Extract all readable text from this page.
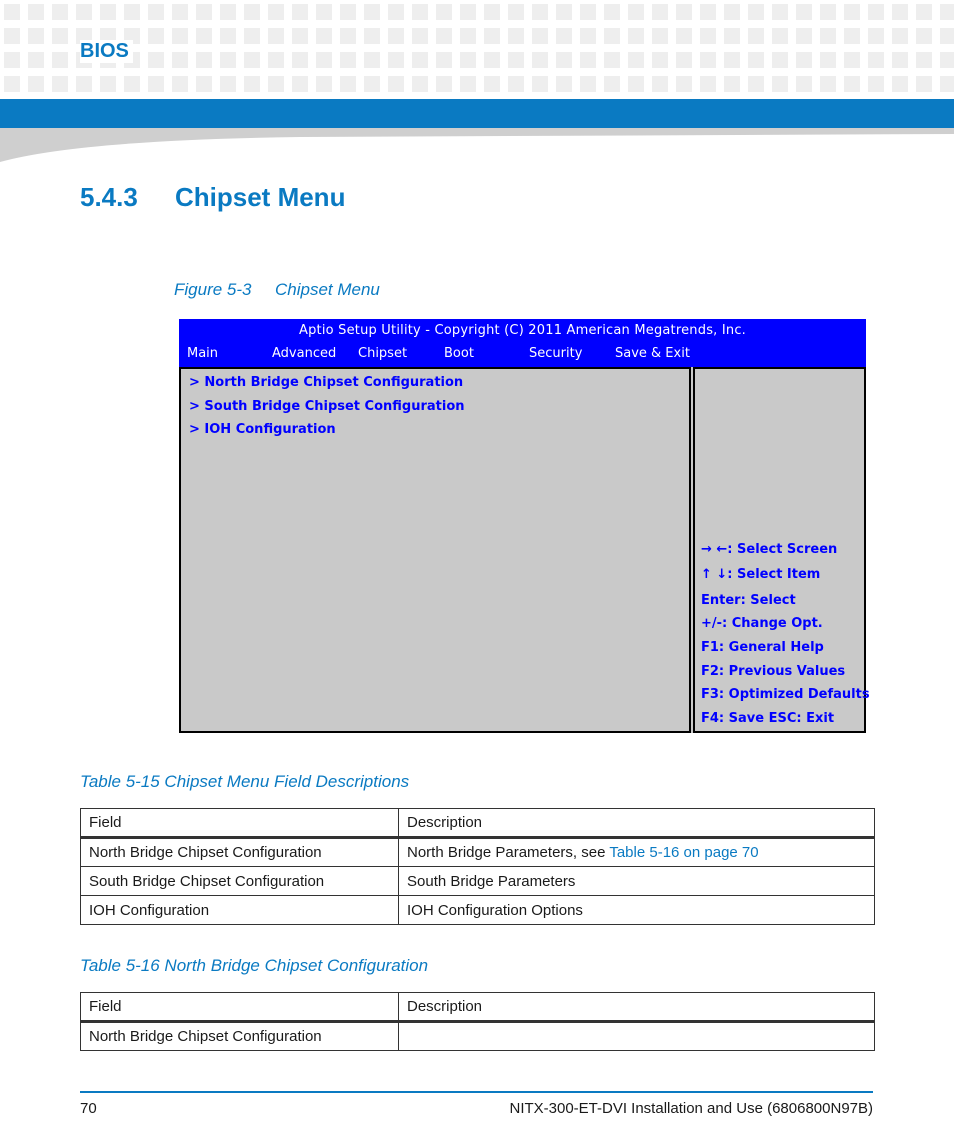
BIOS
5.4.3 Chipset Menu
Figure 5-3 Chipset Menu
Aptio Setup Utility - Copyright (C) 2011 American Megatrends, Inc.
Main	Advanced Chipset	Boot	Security	Save & Exit
> North Bridge Chipset Configuration
> South Bridge Chipset Configuration
> IOH Configuration
→ ←: Select Screen
↑ ↓: Select Item
Enter: Select
+/-: Change Opt.
F1: General Help
F2: Previous Values
F3: Optimized Defaults
F4: Save ESC: Exit
Table 5-15 Chipset Menu Field Descriptions
Field	Description
North Bridge Chipset Configuration	North Bridge Parameters, see Table 5-16 on page 70
South Bridge Chipset Configuration	South Bridge Parameters
IOH Configuration	IOH Configuration Options
Table 5-16 North Bridge Chipset Configuration
Field	Description
North Bridge Chipset Configuration	
70	NITX-300-ET-DVI Installation and Use (6806800N97B)
